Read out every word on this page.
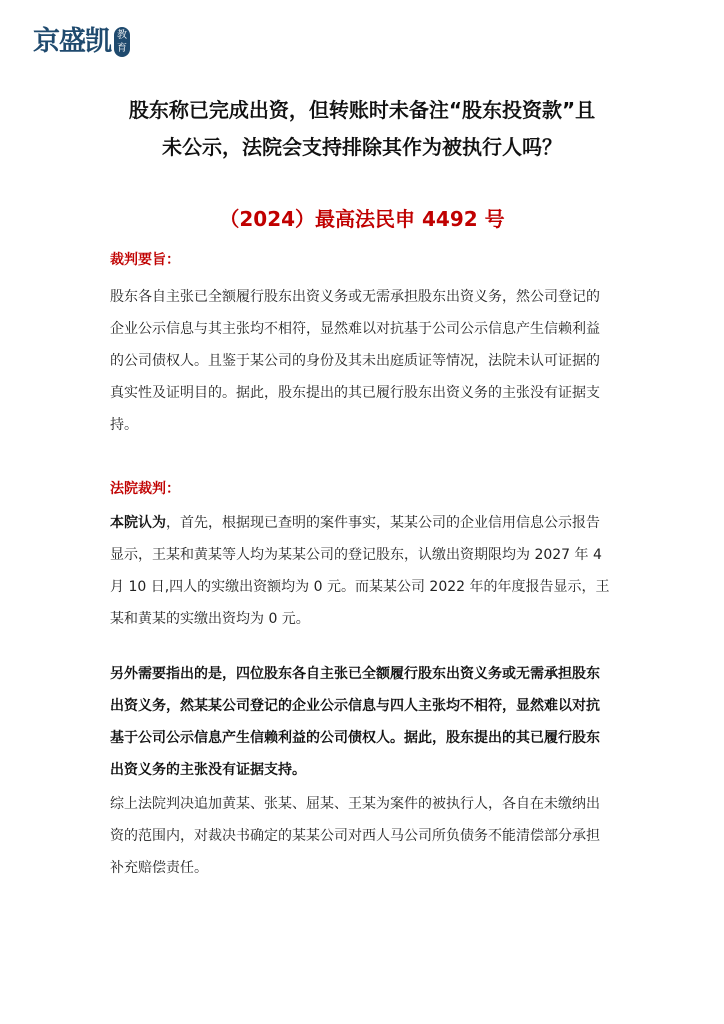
京盛凯 教
育
股东称已完成出资，但转账时未备注“股东投资款”且
未公示，法院会支持排除其作为被执行人吗？
（2024）最高法民申 4492 号
裁判要旨：
股东各自主张已全额履行股东出资义务或无需承担股东出资义务，然公司登记的
企业公示信息与其主张均不相符，显然难以对抗基于公司公示信息产生信赖利益
的公司债权人。且鉴于某公司的身份及其未出庭质证等情况，法院未认可证据的
真实性及证明目的。据此，股东提出的其已履行股东出资义务的主张没有证据支
持。
法院裁判：
本院认为，首先，根据现已查明的案件事实，某某公司的企业信用信息公示报告
显示，王某和黄某等人均为某某公司的登记股东，认缴出资期限均为 2027 年 4
月 10 日,四人的实缴出资额均为 0 元。而某某公司 2022 年的年度报告显示，王
某和黄某的实缴出资均为 0 元。
另外需要指出的是，四位股东各自主张已全额履行股东出资义务或无需承担股东
出资义务，然某某公司登记的企业公示信息与四人主张均不相符，显然难以对抗
基于公司公示信息产生信赖利益的公司债权人。据此，股东提出的其已履行股东
出资义务的主张没有证据支持。
综上法院判决追加黄某、张某、屈某、王某为案件的被执行人，各自在未缴纳出
资的范围内，对裁决书确定的某某公司对西人马公司所负债务不能清偿部分承担
补充赔偿责任。
